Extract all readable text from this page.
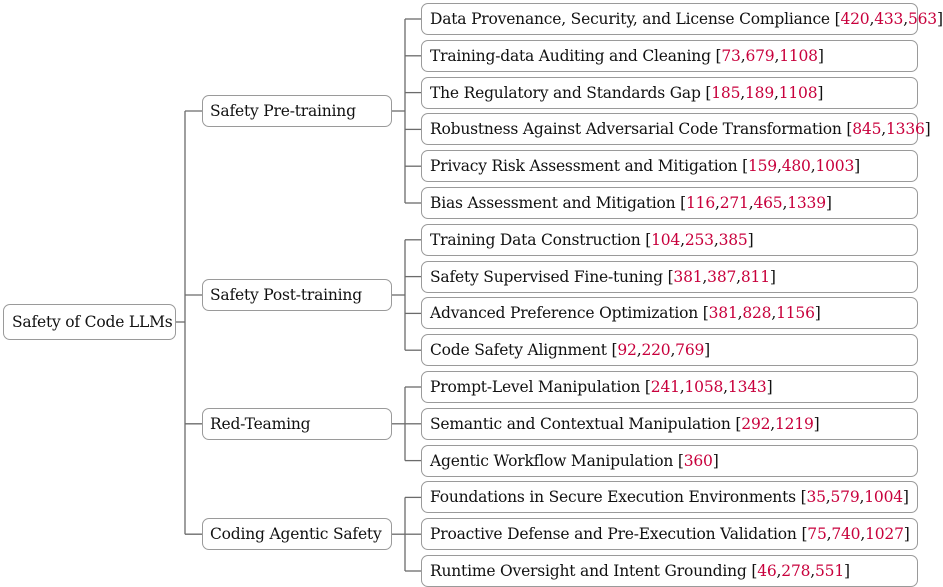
Safety of Code LLMs
Data Provenance, Security, and License Compliance [ 420 , 433 , 563 ]
Training-data Auditing and Cleaning [ 73 , 679 , 1108 ]
The Regulatory and Standards Gap [ 185 , 189 , 1108 ]
Robustness Against Adversarial Code Transformation [ 845 , 1336 ]
Privacy Risk Assessment and Mitigation [ 159 , 480 , 1003 ]
Bias Assessment and Mitigation [ 116 , 271 , 465 , 1339 ]
Safety Pre-training
Training Data Construction [ 104 , 253 , 385 ]
Safety Supervised Fine-tuning [ 381 , 387 , 811 ]
Advanced Preference Optimization [ 381 , 828 , 1156 ]
Code Safety Alignment [ 92 , 220 , 769 ]
Safety Post-training
Prompt-Level Manipulation [ 241 , 1058 , 1343 ]
Semantic and Contextual Manipulation [ 292 , 1219 ]
Agentic Workflow Manipulation [ 360 ]
Red-Teaming
Foundations in Secure Execution Environments [ 35 , 579 , 1004 ]
Proactive Defense and Pre-Execution Validation [ 75 , 740 , 1027 ]
Runtime Oversight and Intent Grounding [ 46 , 278 , 551 ]
Coding Agentic Safety
